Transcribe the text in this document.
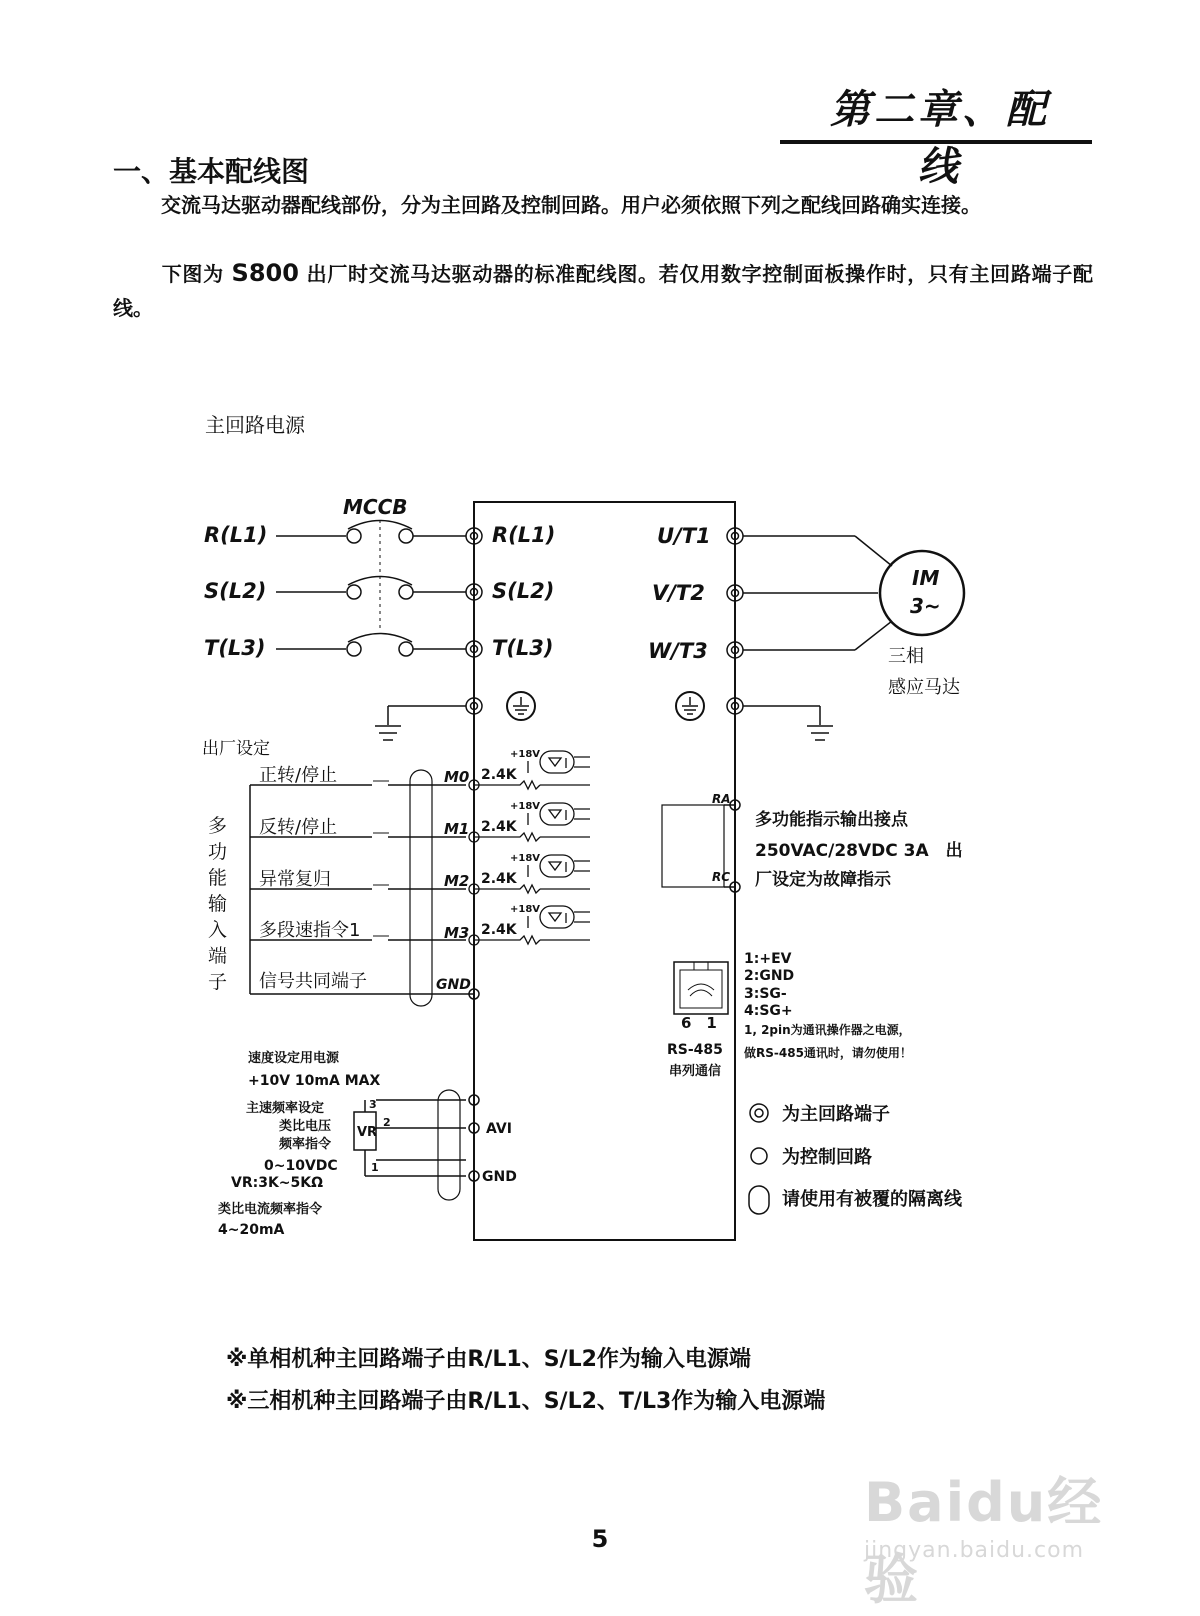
第二章、配　线
一、基本配线图
交流马达驱动器配线部份，分为主回路及控制回路。用户必须依照下列之配线回路确实连接。
下图为 S800 出厂时交流马达驱动器的标准配线图。若仅用数字控制面板操作时，只有主回路端子配线。
主回路电源
MCCB
R(L1)
S(L2)
T(L3)
R(L1)
S(L2)
T(L3)
U/T1
V/T2
W/T3
IM
3~
三相
感应马达
出厂设定
正转/停止
反转/停止
异常复归
多段速指令1
信号共同端子
M0
M1
M2
M3
GND
RA
RC
多功能指示输出接点
250VAC/28VDC 3A　出
厂设定为故障指示
1:+EV
2:GND
3:SG-
4:SG+
1, 2pin为通讯操作器之电源，
做RS-485通讯时，请勿使用！
6　1
RS-485
串列通信
速度设定用电源
+10V 10mA MAX
主速频率设定
类比电压
频率指令
0~10VDC
VR:3K~5KΩ
类比电流频率指令
4~20mA
VR
3
2
1
AVI
GND
为主回路端子
为控制回路
请使用有被覆的隔离线
多
功
能
输
入
端
子
+18V
+18V
+18V
+18V
2.4K
2.4K
2.4K
2.4K
※单相机种主回路端子由R/L1、S/L2作为输入电源端
※三相机种主回路端子由R/L1、S/L2、T/L3作为输入电源端
5
Baidu经验
jingyan.baidu.com
